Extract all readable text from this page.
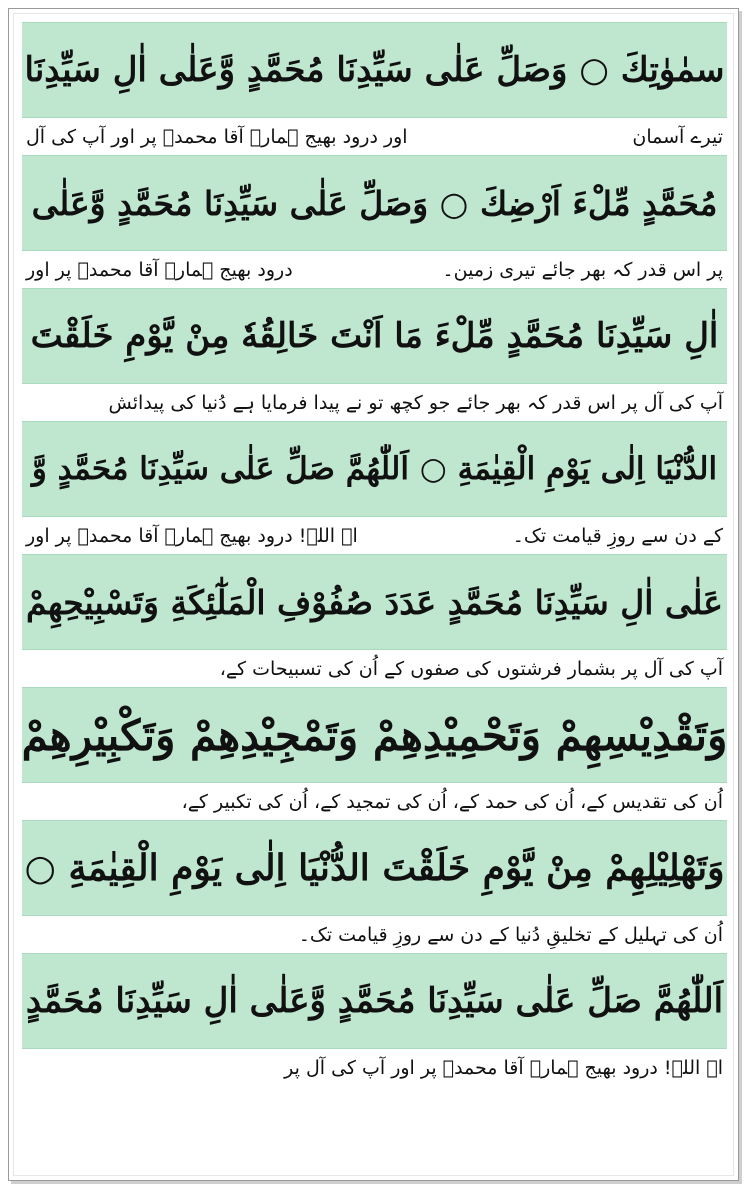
سمٰوٰتِكَ ○ وَصَلِّ عَلٰى سَيِّدِنَا مُحَمَّدٍ وَّعَلٰى اٰلِ سَيِّدِنَا
تیرے آسمان
اور درود بھیج ہمارے آقا محمدؐ پر اور آپ کی آل
مُحَمَّدٍ مِّلْءَ اَرْضِكَ ○ وَصَلِّ عَلٰى سَيِّدِنَا مُحَمَّدٍ وَّعَلٰى
پر اس قدر کہ بھر جائے تیری زمین۔
درود بھیج ہمارے آقا محمدؐ پر اور
اٰلِ سَيِّدِنَا مُحَمَّدٍ مِّلْءَ مَا اَنْتَ خَالِقُهٗ مِنْ يَّوْمِ خَلَقْتَ
آپ کی آل پر اس قدر کہ بھر جائے جو کچھ تو نے پیدا فرمایا ہے دُنیا کی پیدائش
الدُّنْيَا اِلٰى يَوْمِ الْقِيٰمَةِ ○ اَللّٰهُمَّ صَلِّ عَلٰى سَيِّدِنَا مُحَمَّدٍ وَّ
کے دن سے روزِ قیامت تک۔
اے اللہ! درود بھیج ہمارے آقا محمدؐ پر اور
عَلٰى اٰلِ سَيِّدِنَا مُحَمَّدٍ عَدَدَ صُفُوْفِ الْمَلٰٓئِكَةِ وَتَسْبِيْحِهِمْ
آپ کی آل پر بشمار فرشتوں کی صفوں کے اُن کی تسبیحات کے،
وَتَقْدِيْسِهِمْ وَتَحْمِيْدِهِمْ وَتَمْجِيْدِهِمْ وَتَكْبِيْرِهِمْ
اُن کی تقدیس کے، اُن کی حمد کے، اُن کی تمجید کے، اُن کی تکبیر کے،
وَتَهْلِيْلِهِمْ مِنْ يَّوْمِ خَلَقْتَ الدُّنْيَا اِلٰى يَوْمِ الْقِيٰمَةِ ○
اُن کی تہلیل کے تخلیقِ دُنیا کے دن سے روزِ قیامت تک۔
اَللّٰهُمَّ صَلِّ عَلٰى سَيِّدِنَا مُحَمَّدٍ وَّعَلٰى اٰلِ سَيِّدِنَا مُحَمَّدٍ
اے اللہ! درود بھیج ہمارے آقا محمدؐ پر اور آپ کی آل پر
